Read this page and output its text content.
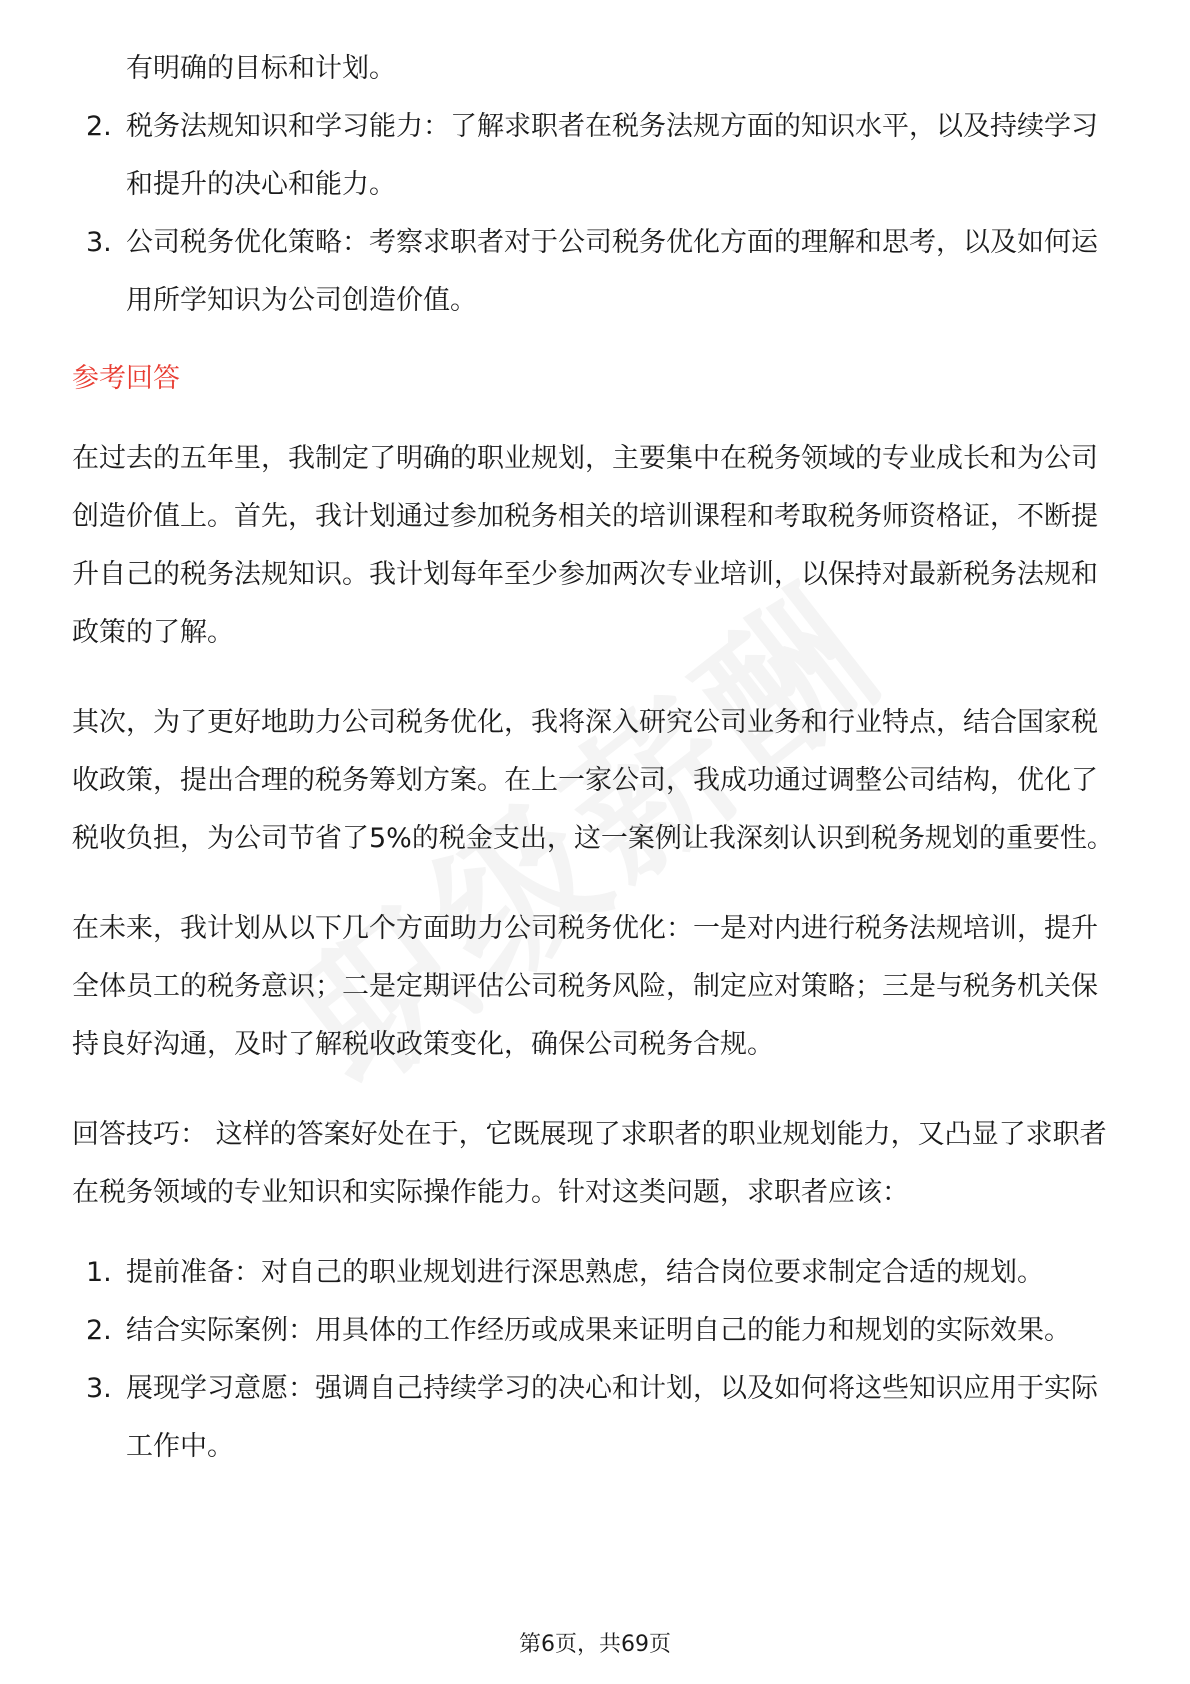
有明确的目标和计划。
2. 税务法规知识和学习能力：了解求职者在税务法规方面的知识水平，以及持续学习和提升的决心和能力。
3. 公司税务优化策略：考察求职者对于公司税务优化方面的理解和思考，以及如何运用所学知识为公司创造价值。
参考回答

在过去的五年里，我制定了明确的职业规划，主要集中在税务领域的专业成长和为公司创造价值上。首先，我计划通过参加税务相关的培训课程和考取税务师资格证，不断提升自己的税务法规知识。我计划每年至少参加两次专业培训，以保持对最新税务法规和政策的了解。

其次，为了更好地助力公司税务优化，我将深入研究公司业务和行业特点，结合国家税收政策，提出合理的税务筹划方案。在上一家公司，我成功通过调整公司结构，优化了税收负担，为公司节省了5%的税金支出，这一案例让我深刻认识到税务规划的重要性。

在未来，我计划从以下几个方面助力公司税务优化：一是对内进行税务法规培训，提升全体员工的税务意识；二是定期评估公司税务风险，制定应对策略；三是与税务机关保持良好沟通，及时了解税收政策变化，确保公司税务合规。

回答技巧： 这样的答案好处在于，它既展现了求职者的职业规划能力，又凸显了求职者在税务领域的专业知识和实际操作能力。针对这类问题，求职者应该：

1. 提前准备：对自己的职业规划进行深思熟虑，结合岗位要求制定合适的规划。
2. 结合实际案例：用具体的工作经历或成果来证明自己的能力和规划的实际效果。
3. 展现学习意愿：强调自己持续学习的决心和计划，以及如何将这些知识应用于实际工作中。
第6页，共69页
